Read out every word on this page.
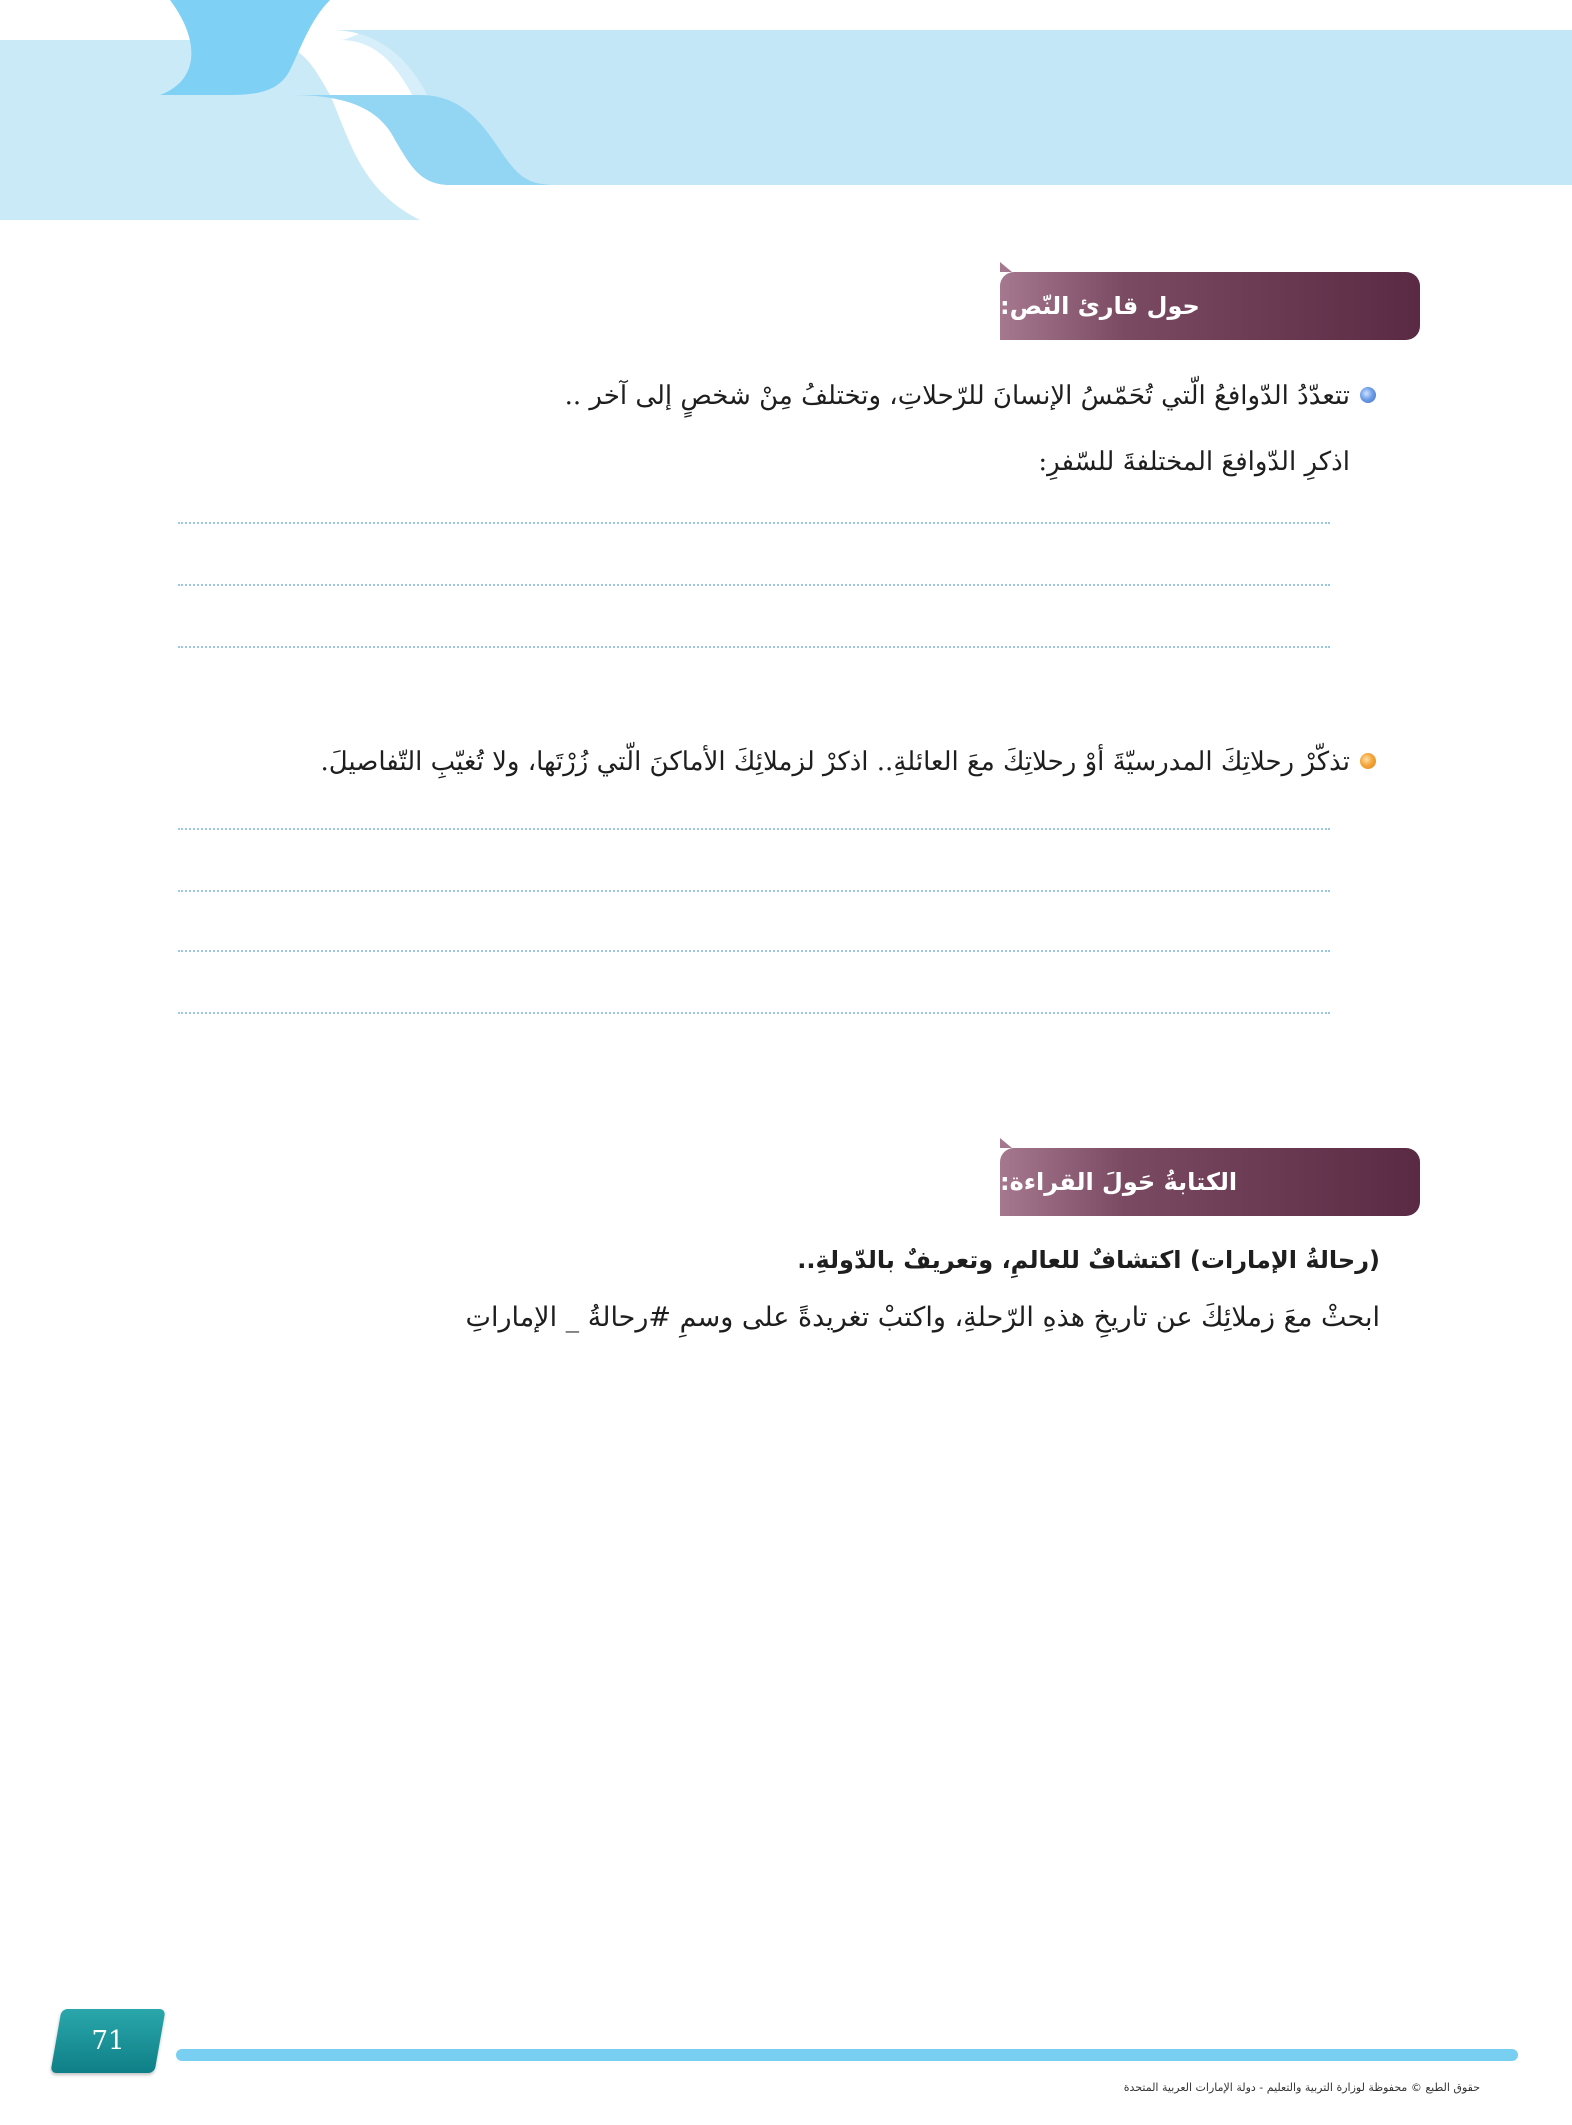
حول قارئ النّص:
تتعدّدُ الدّوافعُ الّتي تُحَمّسُ الإنسانَ للرّحلاتِ، وتختلفُ مِنْ شخصٍ إلى آخر ..
اذكرِ الدّوافعَ المختلفةَ للسّفرِ:
تذكّرْ رحلاتِكَ المدرسيّةَ أوْ رحلاتِكَ معَ العائلةِ.. اذكرْ لزملائِكَ الأماكنَ الّتي زُرْتَها، ولا تُغيّبِ التّفاصيلَ.
الكتابةُ حَولَ القراءة:
(رحالةُ الإمارات) اكتشافٌ للعالمِ، وتعريفٌ بالدّولةِ..
ابحثْ معَ زملائِكَ عن تاريخِ هذهِ الرّحلةِ، واكتبْ تغريدةً على وسمِ #رحالةُ _ الإماراتِ
71
حقوق الطبع © محفوظة لوزارة التربية والتعليم - دولة الإمارات العربية المتحدة
